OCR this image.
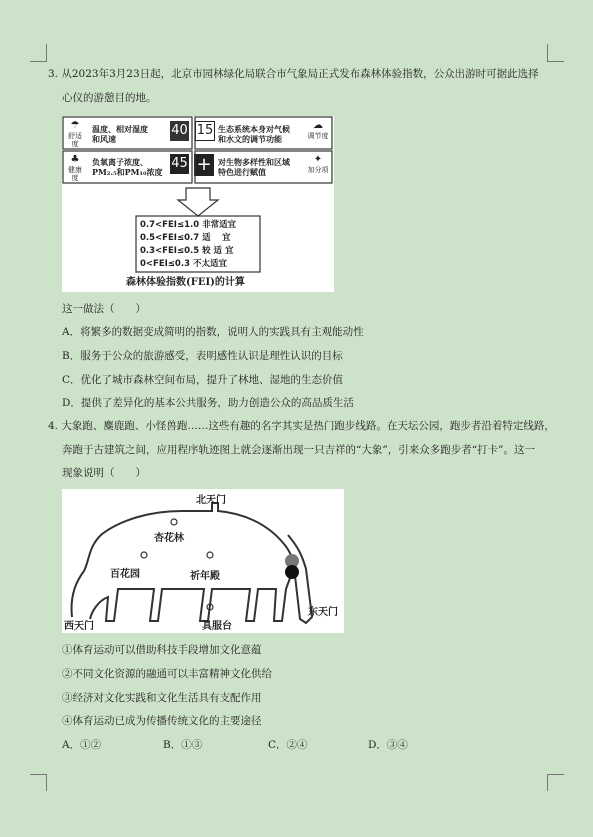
3. 从2023年3月23日起，北京市园林绿化局联合市气象局正式发布森林体验指数，公众出游时可据此选择
心仪的游憩目的地。
☂
舒适度
温度、相对湿度
和风速
40 15 生态系统本身对气候
和水文的调节功能
☁
调节度
♣
健康度
负氧离子浓度、
PM₂.₅和PM₁₀浓度
45 + 对生物多样性和区域
特色进行赋值
✦
加分项
0.7<FEI≤1.0 非常适宜
0.5<FEI≤0.7 适　 宜
0.3<FEI≤0.5 较 适 宜
0<FEI≤0.3 不太适宜
森林体验指数(FEI)的计算
这一做法（　　）
A．将繁多的数据变成简明的指数，说明人的实践具有主观能动性
B．服务于公众的旅游感受，表明感性认识是理性认识的目标
C．优化了城市森林空间布局，提升了林地、湿地的生态价值
D．提供了差异化的基本公共服务，助力创造公众的高品质生活
4. 大象跑、麋鹿跑、小怪兽跑……这些有趣的名字其实是热门跑步线路。在天坛公园，跑步者沿着特定线路，
奔跑于古建筑之间，应用程序轨迹图上就会逐渐出现一只吉祥的“大象”，引来众多跑步者“打卡”。这一
现象说明（　　）
北天门
杏花林
百花园	祈年殿
东天门
西天门	具服台
①体育运动可以借助科技手段增加文化意蕴
②不同文化资源的融通可以丰富精神文化供给
③经济对文化实践和文化生活具有支配作用
④体育运动已成为传播传统文化的主要途径
A．①②	B．①③	C．②④	D．③④
